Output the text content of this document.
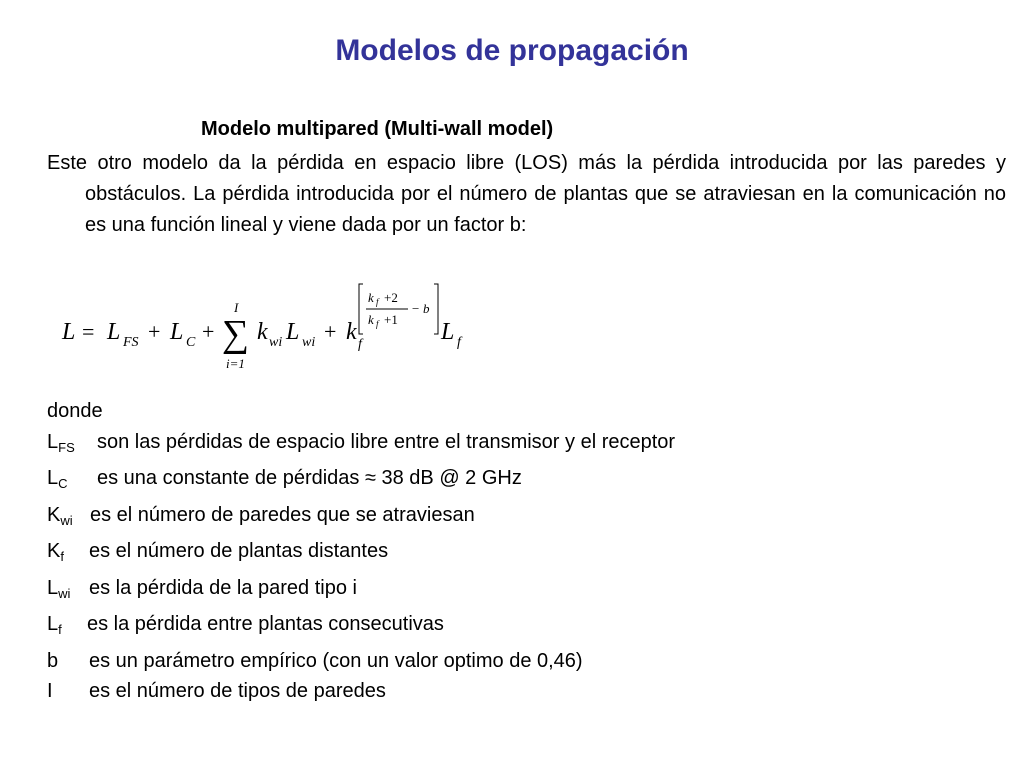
Modelos de propagación
Modelo multipared (Multi-wall model)

Este otro modelo da la pérdida en espacio libre (LOS) más la pérdida introducida por las paredes y obstáculos. La pérdida introducida por el número de plantas que se atraviesan en la comunicación no es una función lineal y viene dada por un factor b:

L = L FS + L C +
I
∑
i=1
k wi L wi + k f
k f +2
k f +1
− b
L f
donde
$L_{FS}$ son las pérdidas de espacio libre entre el transmisor y el receptor
$L_C$ es una constante de pérdidas ≈ 38 dB @ 2 GHz
$K_{wi}$ es el número de paredes que se atraviesan
$K_f$ es el número de plantas distantes
$L_{wi}$ es la pérdida de la pared tipo i
$L_f$ es la pérdida entre plantas consecutivas
b es un parámetro empírico (con un valor optimo de 0,46)
I es el número de tipos de paredes
